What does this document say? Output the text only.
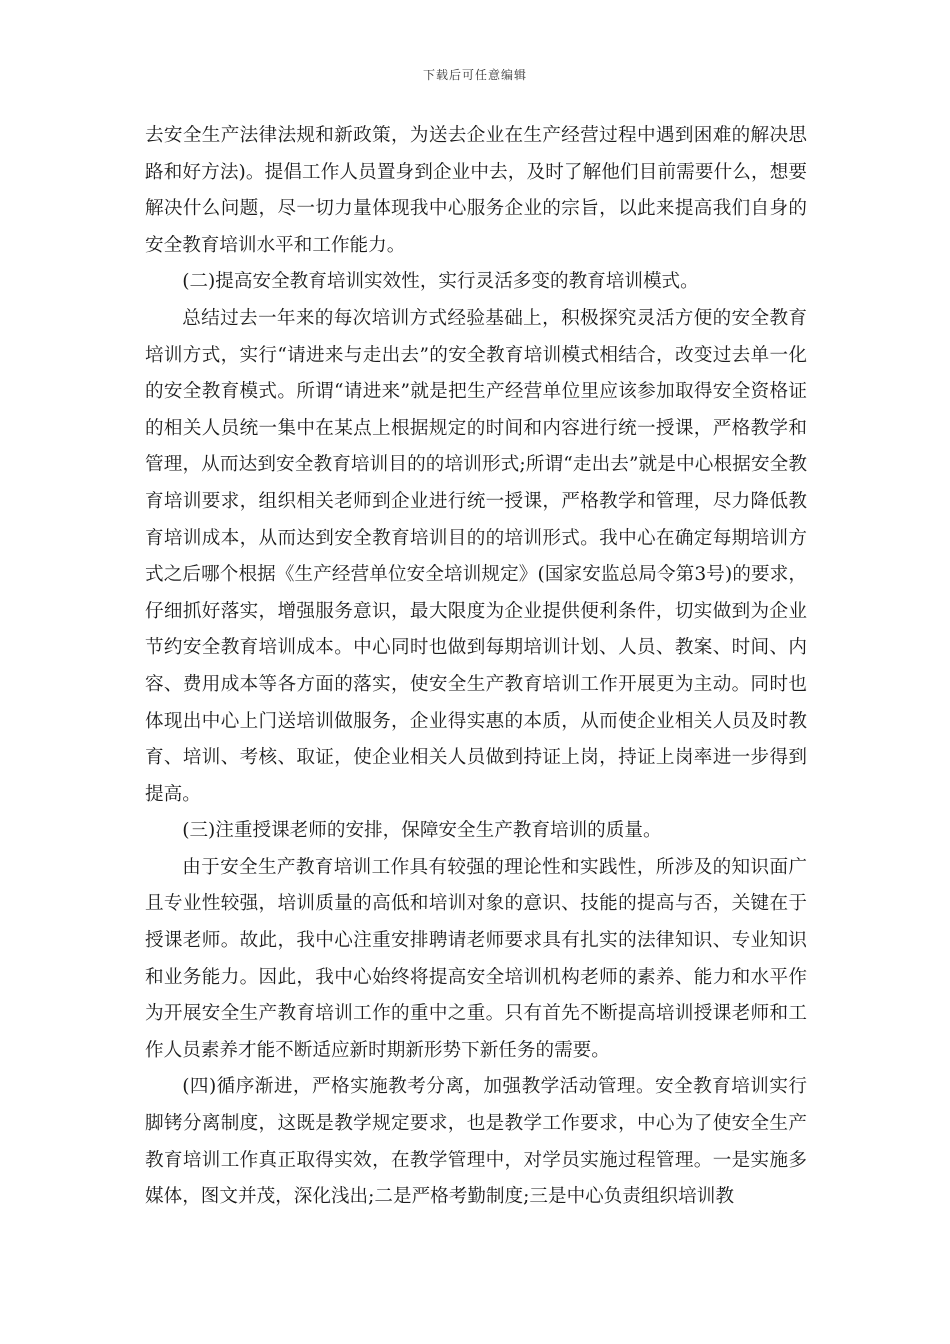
下载后可任意编辑

去安全生产法律法规和新政策，为送去企业在生产经营过程中遇到困难的解决思路和好方法)。提倡工作人员置身到企业中去，及时了解他们目前需要什么，想要解决什么问题，尽一切力量体现我中心服务企业的宗旨，以此来提高我们自身的安全教育培训水平和工作能力。

(二)提高安全教育培训实效性，实行灵活多变的教育培训模式。

总结过去一年来的每次培训方式经验基础上，积极探究灵活方便的安全教育培训方式，实行“请进来与走出去”的安全教育培训模式相结合，改变过去单一化的安全教育模式。所谓“请进来”就是把生产经营单位里应该参加取得安全资格证的相关人员统一集中在某点上根据规定的时间和内容进行统一授课，严格教学和管理，从而达到安全教育培训目的的培训形式;所谓“走出去”就是中心根据安全教育培训要求，组织相关老师到企业进行统一授课，严格教学和管理，尽力降低教育培训成本，从而达到安全教育培训目的的培训形式。我中心在确定每期培训方式之后哪个根据《生产经营单位安全培训规定》(国家安监总局令第3号)的要求，仔细抓好落实，增强服务意识，最大限度为企业提供便利条件，切实做到为企业节约安全教育培训成本。中心同时也做到每期培训计划、人员、教案、时间、内容、费用成本等各方面的落实，使安全生产教育培训工作开展更为主动。同时也体现出中心上门送培训做服务，企业得实惠的本质，从而使企业相关人员及时教育、培训、考核、取证，使企业相关人员做到持证上岗，持证上岗率进一步得到提高。

(三)注重授课老师的安排，保障安全生产教育培训的质量。

由于安全生产教育培训工作具有较强的理论性和实践性，所涉及的知识面广且专业性较强，培训质量的高低和培训对象的意识、技能的提高与否，关键在于授课老师。故此，我中心注重安排聘请老师要求具有扎实的法律知识、专业知识和业务能力。因此，我中心始终将提高安全培训机构老师的素养、能力和水平作为开展安全生产教育培训工作的重中之重。只有首先不断提高培训授课老师和工作人员素养才能不断适应新时期新形势下新任务的需要。

(四)循序渐进，严格实施教考分离，加强教学活动管理。安全教育培训实行脚铐分离制度，这既是教学规定要求，也是教学工作要求，中心为了使安全生产教育培训工作真正取得实效，在教学管理中，对学员实施过程管理。一是实施多媒体，图文并茂，深化浅出;二是严格考勤制度;三是中心负责组织培训教
